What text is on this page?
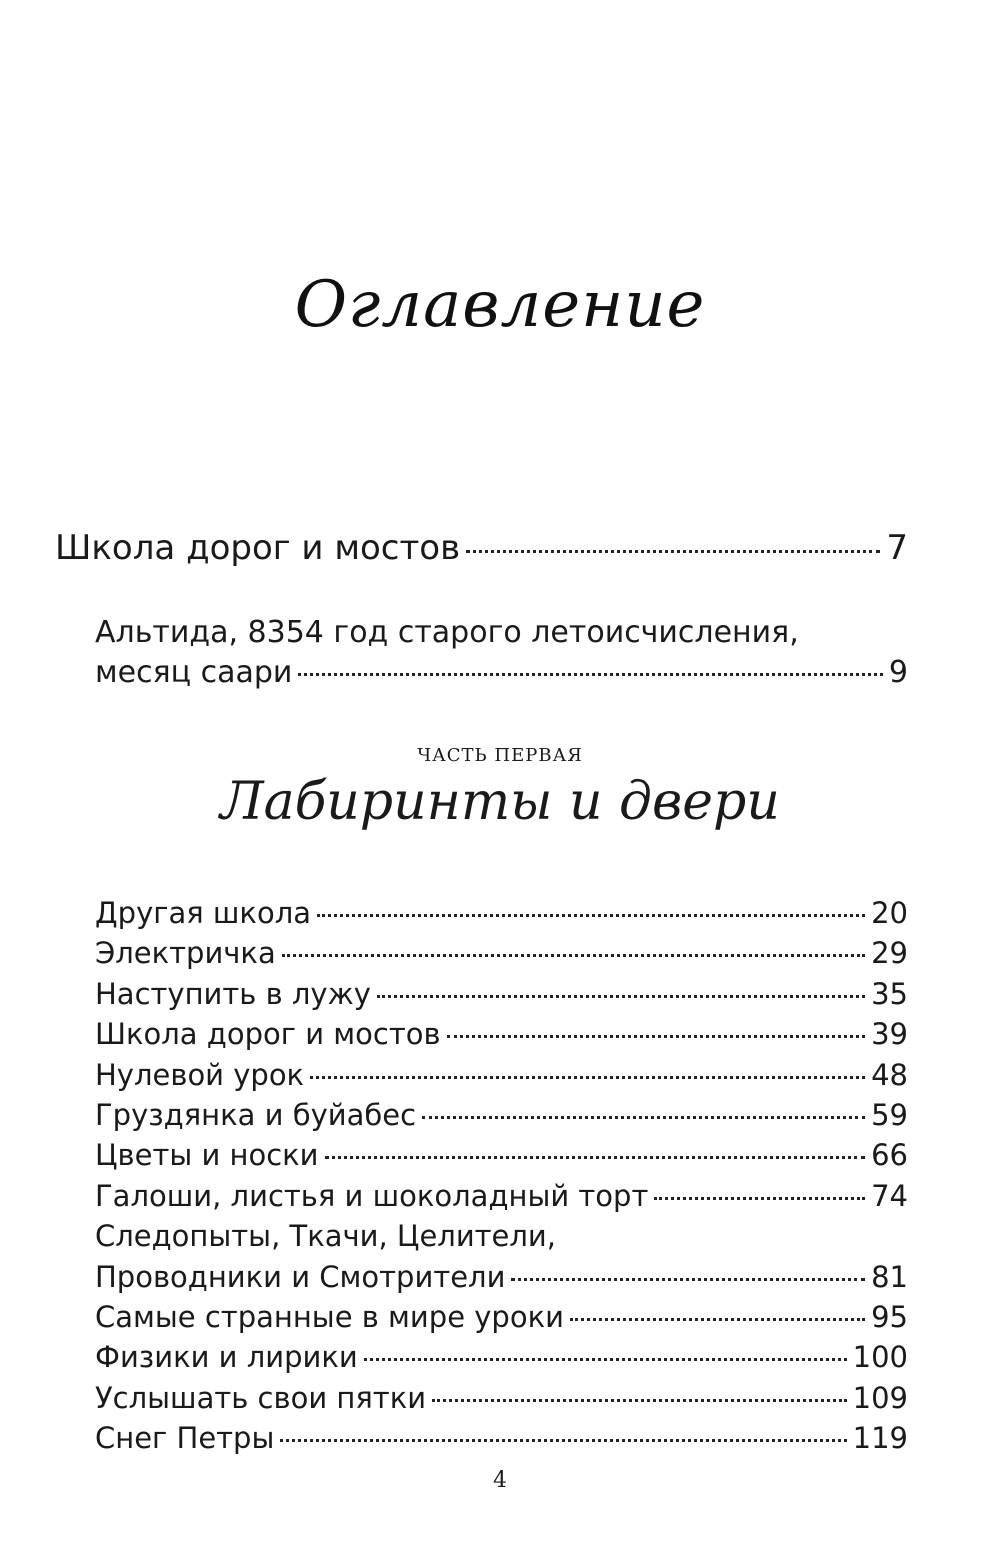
Оглавление
Школа дорог и мостов	7
Альтида, 8354 год старого летоисчисления,
месяц саари	9
ЧАСТЬ ПЕРВАЯ
Лабиринты и двери
Другая школа	20
Электричка	29
Наступить в лужу	35
Школа дорог и мостов	39
Нулевой урок	48
Груздянка и буйабес	59
Цветы и носки	66
Галоши, листья и шоколадный торт	74
Следопыты, Ткачи, Целители,
Проводники и Смотрители	81
Самые странные в мире уроки	95
Физики и лирики	100
Услышать свои пятки	109
Снег Петры	119
4
